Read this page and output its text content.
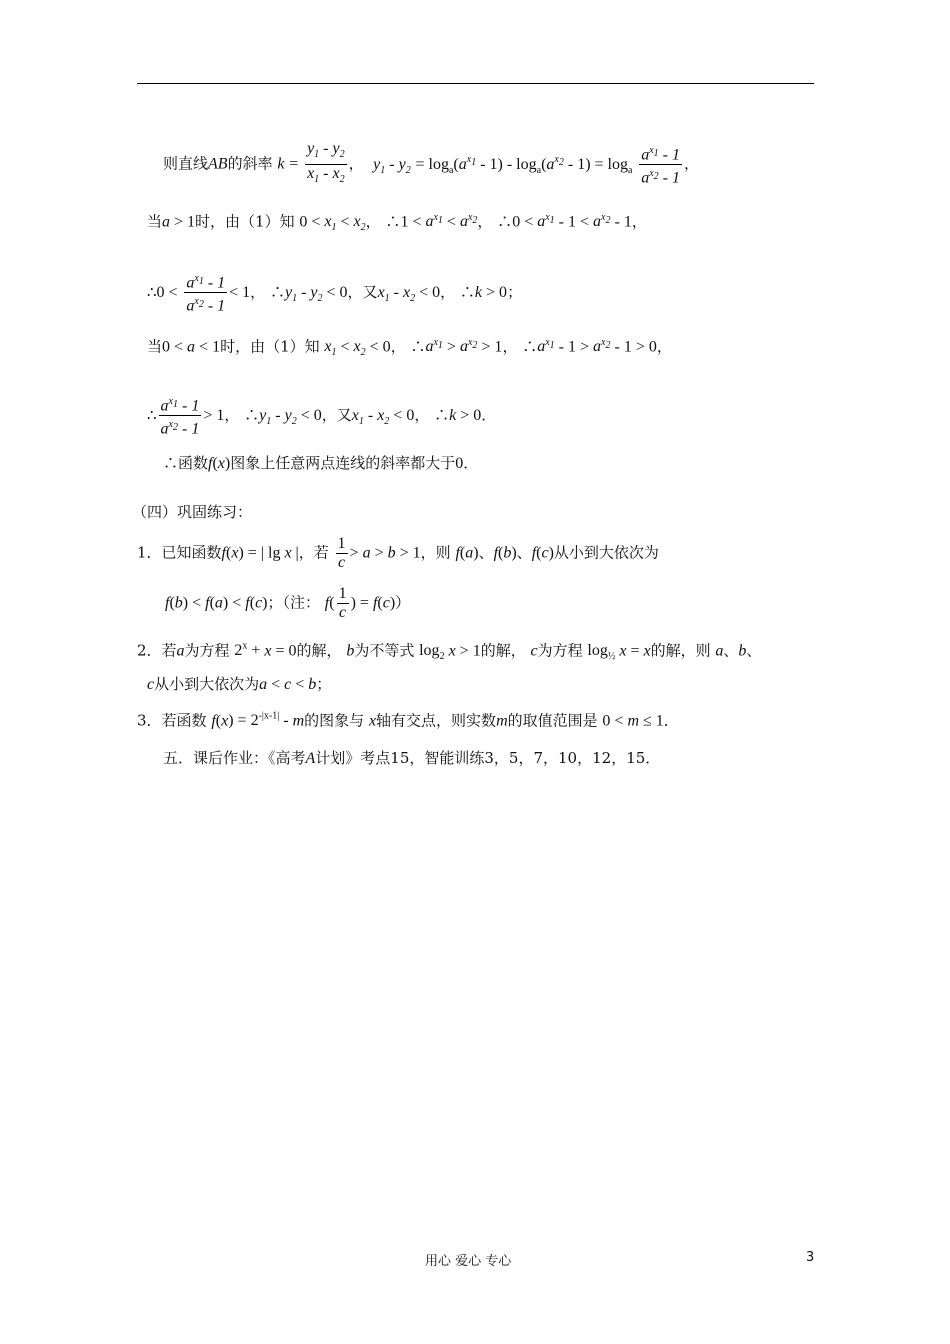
则直线AB的斜率 $k = \frac{y_1 - y_2}{x_1 - x_2}$ ，  $y_1 - y_2 = \log_a(a^{x_1} - 1) - \log_a(a^{x_2} - 1) = \log_a \frac{a^{x_1} - 1}{a^{x_2} - 1}$ ，
当a > 1时，由（1）知 $0 < x_1 < x_2$， ∴1 < $a^{x_1} < a^{x_2}$， ∴0 < $a^{x_1} - 1 < a^{x_2} - 1$，
∴0 < $\frac{a^{x_1} - 1}{a^{x_2} - 1} < 1$， $\therefore y_1 - y_2 < 0$，又$x_1 - x_2 < 0$， ∴k > 0；
当0 < a < 1时，由（1）知 $x_1 < x_2 < 0$， $\therefore a^{x_1} > a^{x_2} > 1$， $\therefore a^{x_1} - 1 > a^{x_2} - 1 > 0$，
∴ $\frac{a^{x_1} - 1}{a^{x_2} - 1} > 1$， $\therefore y_1 - y_2 < 0$，又$x_1 - x_2 < 0$， ∴k > 0．
∴函数f(x)图象上任意两点连线的斜率都大于0．
（四）巩固练习：
1．已知函数f(x) = | lg x |，若 $\frac{1}{c} > a > b > 1$，则 f(a)、f(b)、f(c)从小到大依次为
f(b) < f(a) < f(c)；（注： $f( \frac{1}{c}$ ) = f(c)）
2．若a为方程 $2^x + x = 0$的解， b为不等式 $\log_2 x > 1$的解， c为方程 $\log_{\frac{1}{2}} x = x$的解，则 a、b、
c从小到大依次为a < c < b；
3．若函数 $f(x) = 2^{-|x-1|} - m$的图象与 x轴有交点，则实数m的取值范围是 0 < m ≤ 1．
五．课后作业：《高考A计划》考点15，智能训练3，5，7，10，12，15．
用心 爱心 专心	3
